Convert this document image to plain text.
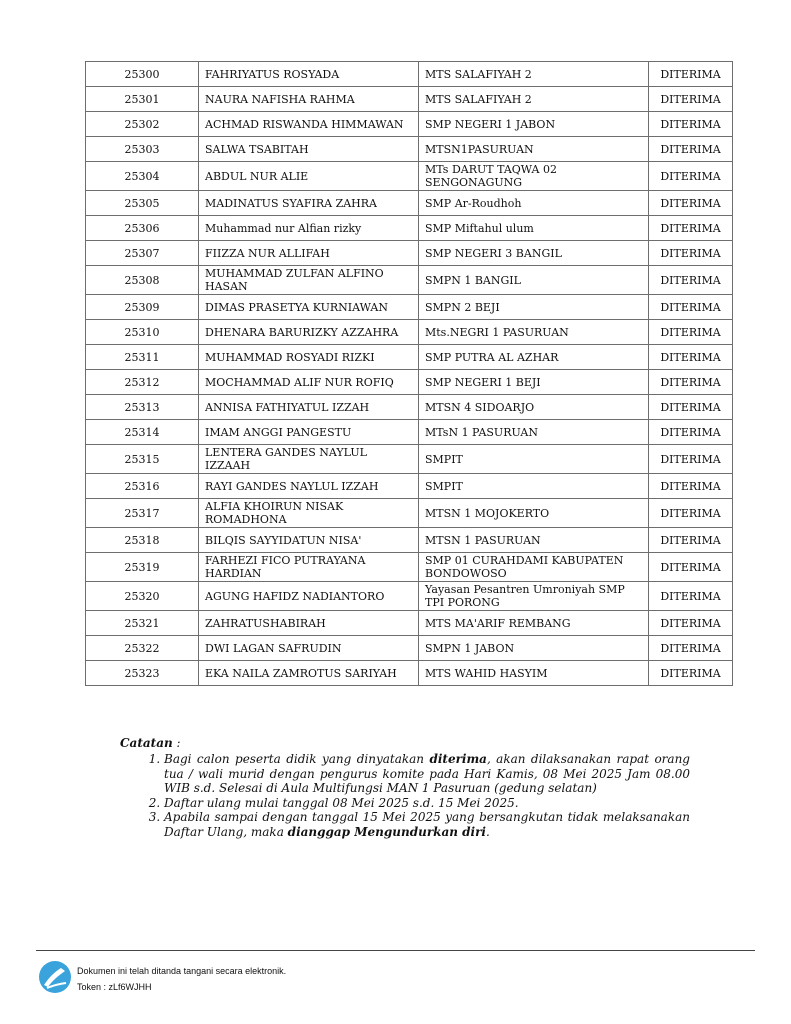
25300	FAHRIYATUS ROSYADA	MTS SALAFIYAH 2	DITERIMA
25301	NAURA NAFISHA RAHMA	MTS SALAFIYAH 2	DITERIMA
25302	ACHMAD RISWANDA HIMMAWAN	SMP NEGERI 1 JABON	DITERIMA
25303	SALWA TSABITAH	MTSN1PASURUAN	DITERIMA
25304	ABDUL NUR ALIE	MTs DARUT TAQWA 02 SENGONAGUNG	DITERIMA
25305	MADINATUS SYAFIRA ZAHRA	SMP Ar-Roudhoh	DITERIMA
25306	Muhammad nur Alfian rizky	SMP Miftahul ulum	DITERIMA
25307	FIIZZA NUR ALLIFAH	SMP NEGERI 3 BANGIL	DITERIMA
25308	MUHAMMAD ZULFAN ALFINO HASAN	SMPN 1 BANGIL	DITERIMA
25309	DIMAS PRASETYA KURNIAWAN	SMPN 2 BEJI	DITERIMA
25310	DHENARA BARURIZKY AZZAHRA	Mts.NEGRI 1 PASURUAN	DITERIMA
25311	MUHAMMAD ROSYADI RIZKI	SMP PUTRA AL AZHAR	DITERIMA
25312	MOCHAMMAD ALIF NUR ROFIQ	SMP NEGERI 1 BEJI	DITERIMA
25313	ANNISA FATHIYATUL IZZAH	MTSN 4 SIDOARJO	DITERIMA
25314	IMAM ANGGI PANGESTU	MTsN 1 PASURUAN	DITERIMA
25315	LENTERA GANDES NAYLUL IZZAAH	SMPIT	DITERIMA
25316	RAYI GANDES NAYLUL IZZAH	SMPIT	DITERIMA
25317	ALFIA KHOIRUN NISAK ROMADHONA	MTSN 1 MOJOKERTO	DITERIMA
25318	BILQIS SAYYIDATUN NISA'	MTSN 1 PASURUAN	DITERIMA
25319	FARHEZI FICO PUTRAYANA HARDIAN	SMP 01 CURAHDAMI KABUPATEN BONDOWOSO	DITERIMA
25320	AGUNG HAFIDZ NADIANTORO	Yayasan Pesantren Umroniyah SMP TPI PORONG	DITERIMA
25321	ZAHRATUSHABIRAH	MTS MA'ARIF REMBANG	DITERIMA
25322	DWI LAGAN SAFRUDIN	SMPN 1 JABON	DITERIMA
25323	EKA NAILA ZAMROTUS SARIYAH	MTS WAHID HASYIM	DITERIMA
Catatan :
1. Bagi calon peserta didik yang dinyatakan diterima, akan dilaksanakan rapat orang tua / wali murid dengan pengurus komite pada Hari Kamis, 08 Mei 2025 Jam 08.00 WIB s.d. Selesai di Aula Multifungsi MAN 1 Pasuruan (gedung selatan)
2. Daftar ulang mulai tanggal 08 Mei 2025 s.d. 15 Mei 2025.
3. Apabila sampai dengan tanggal 15 Mei 2025 yang bersangkutan tidak melaksanakan Daftar Ulang, maka dianggap Mengundurkan diri.
Dokumen ini telah ditanda tangani secara elektronik.
Token : zLf6WJHH
